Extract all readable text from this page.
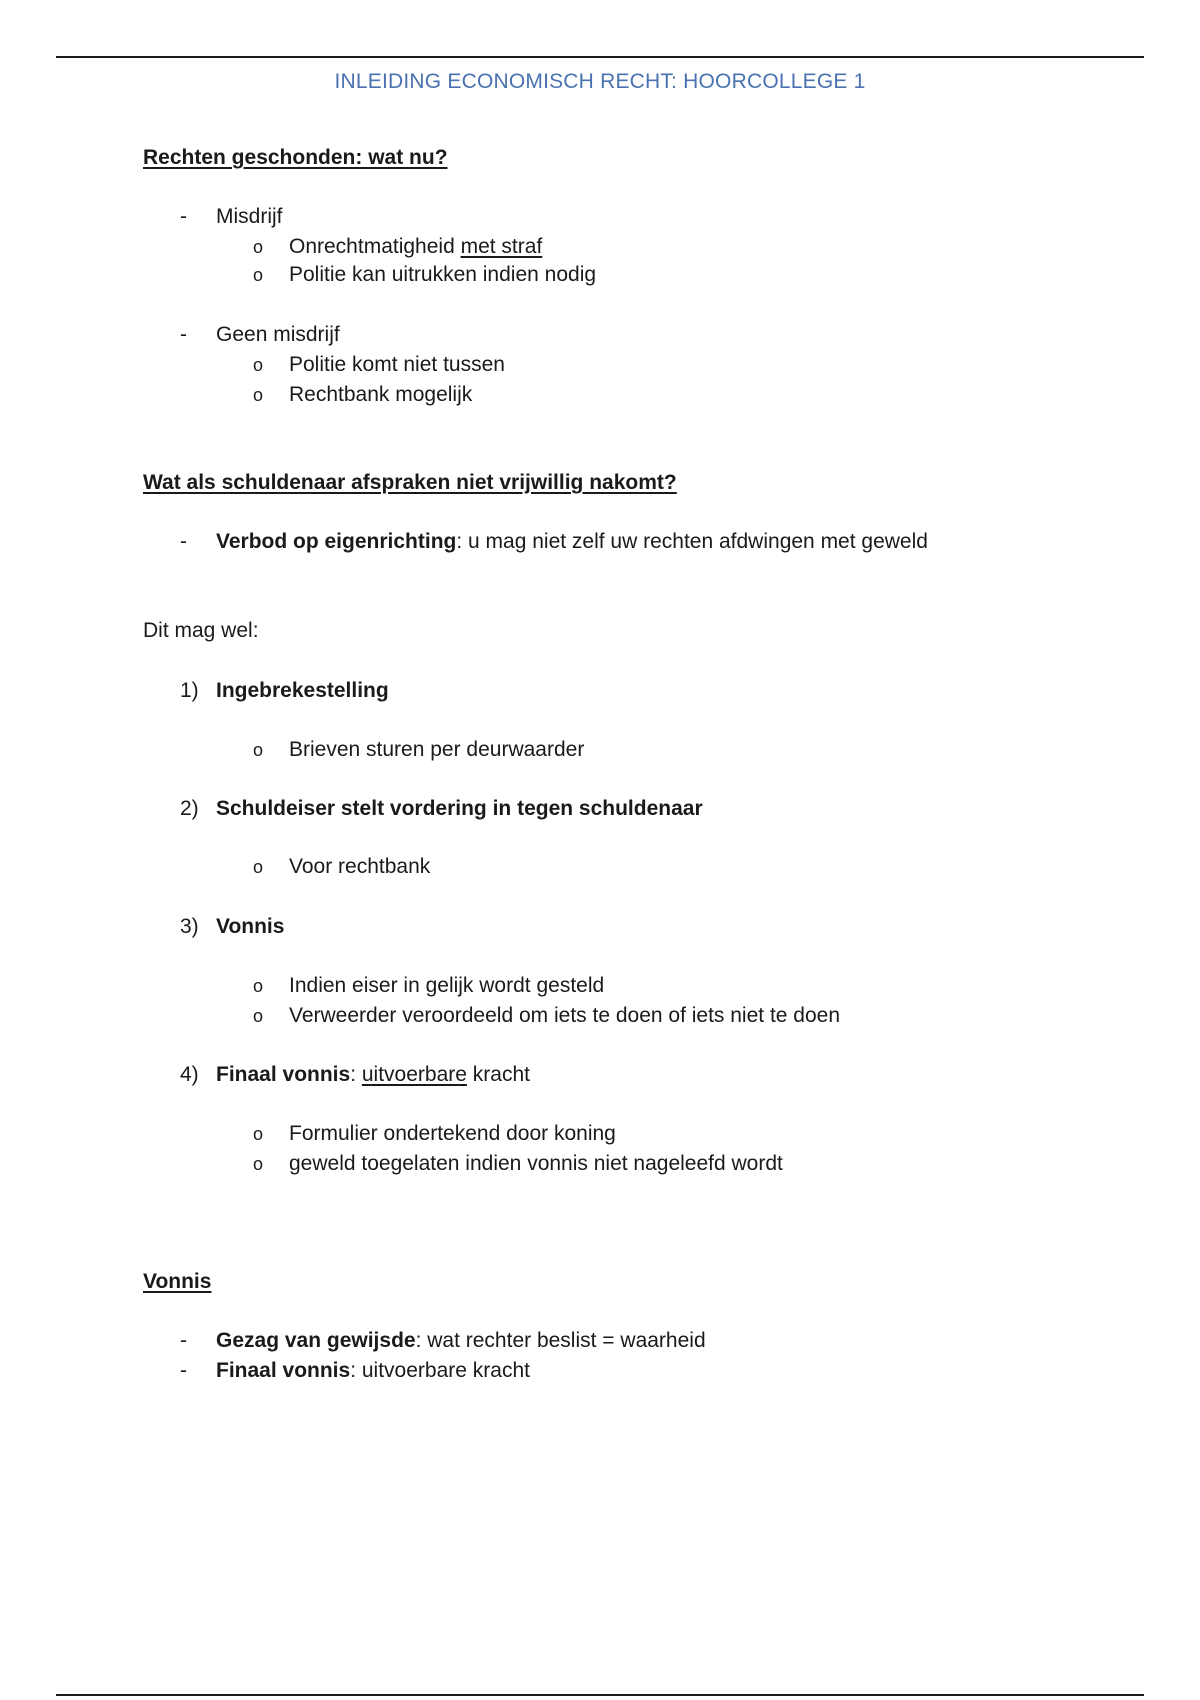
INLEIDING ECONOMISCH RECHT: HOORCOLLEGE 1
Rechten geschonden: wat nu?
- Misdrijf
o Onrechtmatigheid met straf
o Politie kan uitrukken indien nodig
- Geen misdrijf
o Politie komt niet tussen
o Rechtbank mogelijk
Wat als schuldenaar afspraken niet vrijwillig nakomt?
- Verbod op eigenrichting: u mag niet zelf uw rechten afdwingen met geweld
Dit mag wel:
1) Ingebrekestelling
o Brieven sturen per deurwaarder
2) Schuldeiser stelt vordering in tegen schuldenaar
o Voor rechtbank
3) Vonnis
o Indien eiser in gelijk wordt gesteld
o Verweerder veroordeeld om iets te doen of iets niet te doen
4) Finaal vonnis: uitvoerbare kracht
o Formulier ondertekend door koning
o geweld toegelaten indien vonnis niet nageleefd wordt
Vonnis
- Gezag van gewijsde: wat rechter beslist = waarheid
- Finaal vonnis: uitvoerbare kracht
